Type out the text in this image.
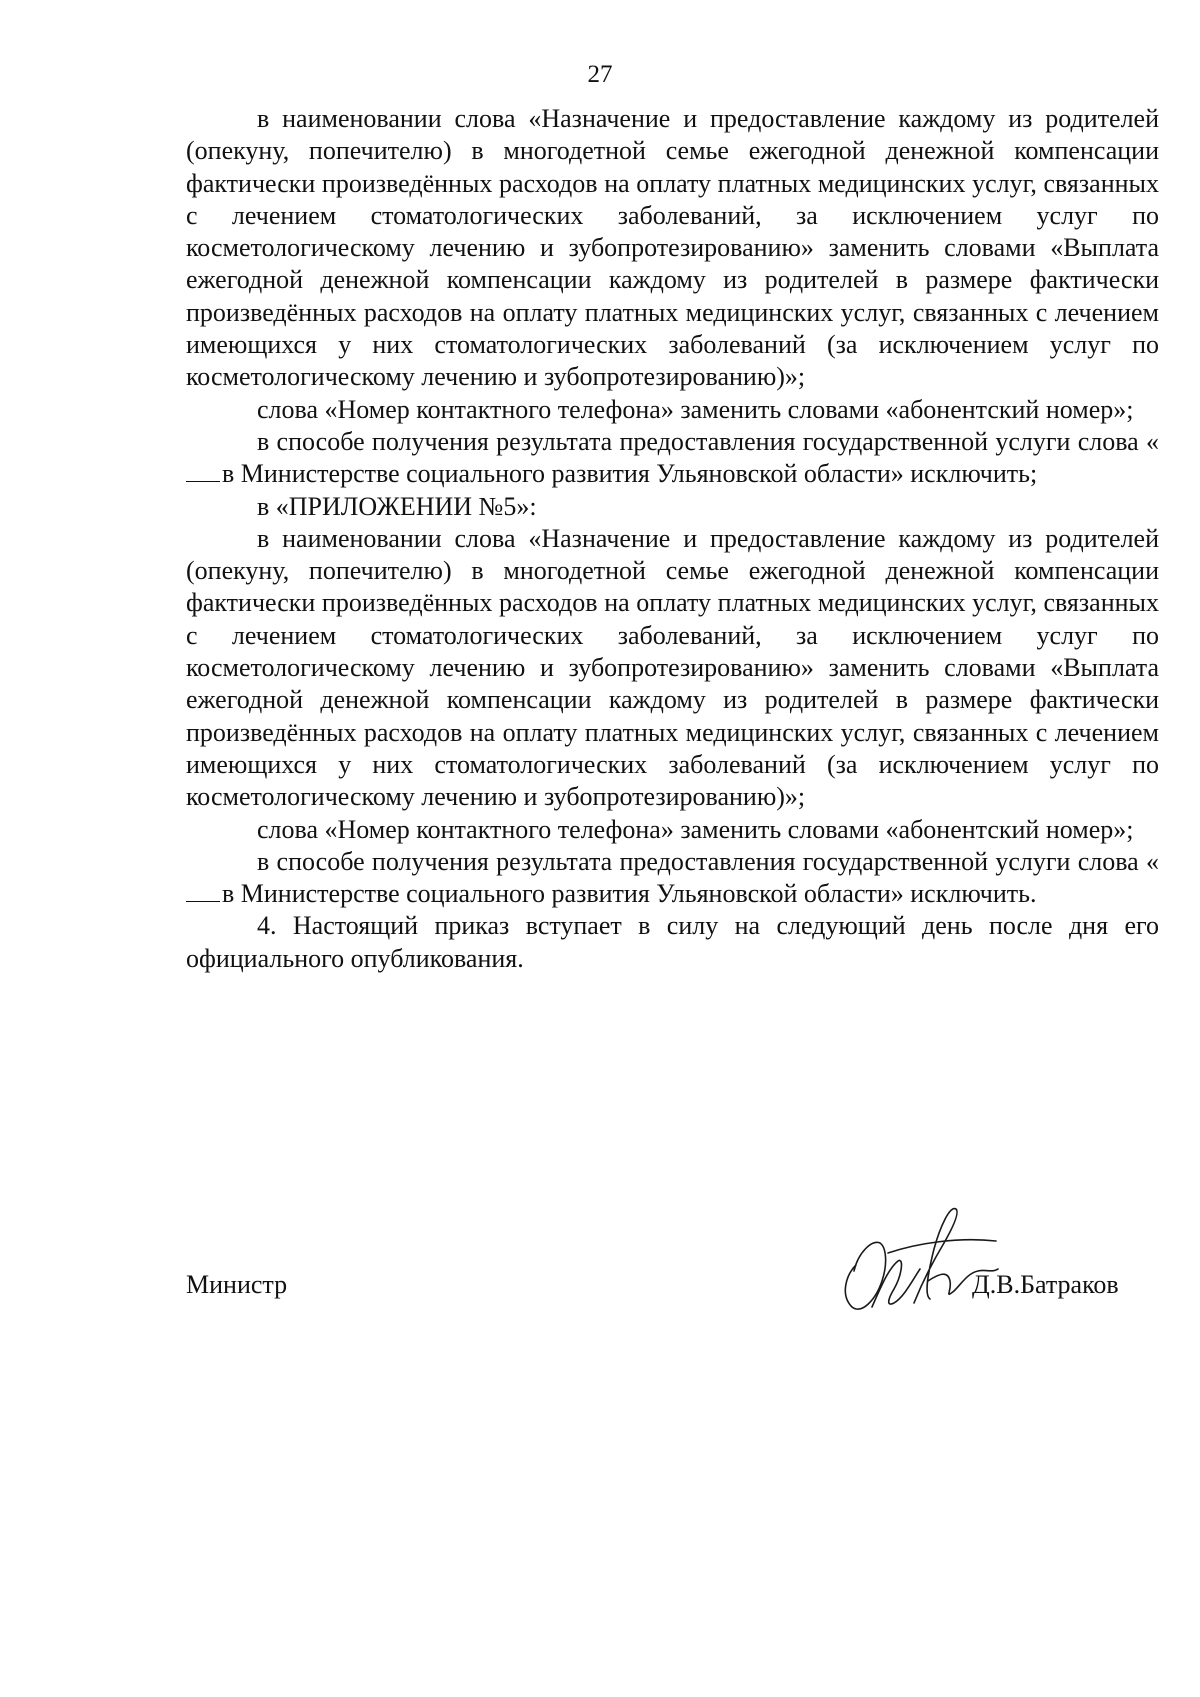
27

в наименовании слова «Назначение и предоставление каждому из родителей (опекуну, попечителю) в многодетной семье ежегодной денежной компенсации фактически произведённых расходов на оплату платных медицинских услуг, связанных с лечением стоматологических заболеваний, за исключением услуг по косметологическому лечению и зубопротезированию» заменить словами «Выплата ежегодной денежной компенсации каждому из родителей в размере фактически произведённых расходов на оплату платных медицинских услуг, связанных с лечением имеющихся у них стоматологических заболеваний (за исключением услуг по косметологическому лечению и зубопротезированию)»;

слова «Номер контактного телефона» заменить словами «абонентский номер»;

в способе получения результата предоставления государственной услуги слова «в Министерстве социального развития Ульяновской области» исключить;

в «ПРИЛОЖЕНИИ №5»:

в наименовании слова «Назначение и предоставление каждому из родителей (опекуну, попечителю) в многодетной семье ежегодной денежной компенсации фактически произведённых расходов на оплату платных медицинских услуг, связанных с лечением стоматологических заболеваний, за исключением услуг по косметологическому лечению и зубопротезированию» заменить словами «Выплата ежегодной денежной компенсации каждому из родителей в размере фактически произведённых расходов на оплату платных медицинских услуг, связанных с лечением имеющихся у них стоматологических заболеваний (за исключением услуг по косметологическому лечению и зубопротезированию)»;

слова «Номер контактного телефона» заменить словами «абонентский номер»;

в способе получения результата предоставления государственной услуги слова «в Министерстве социального развития Ульяновской области» исключить.

4. Настоящий приказ вступает в силу на следующий день после дня его официального опубликования.

Министр	Д.В.Батраков
